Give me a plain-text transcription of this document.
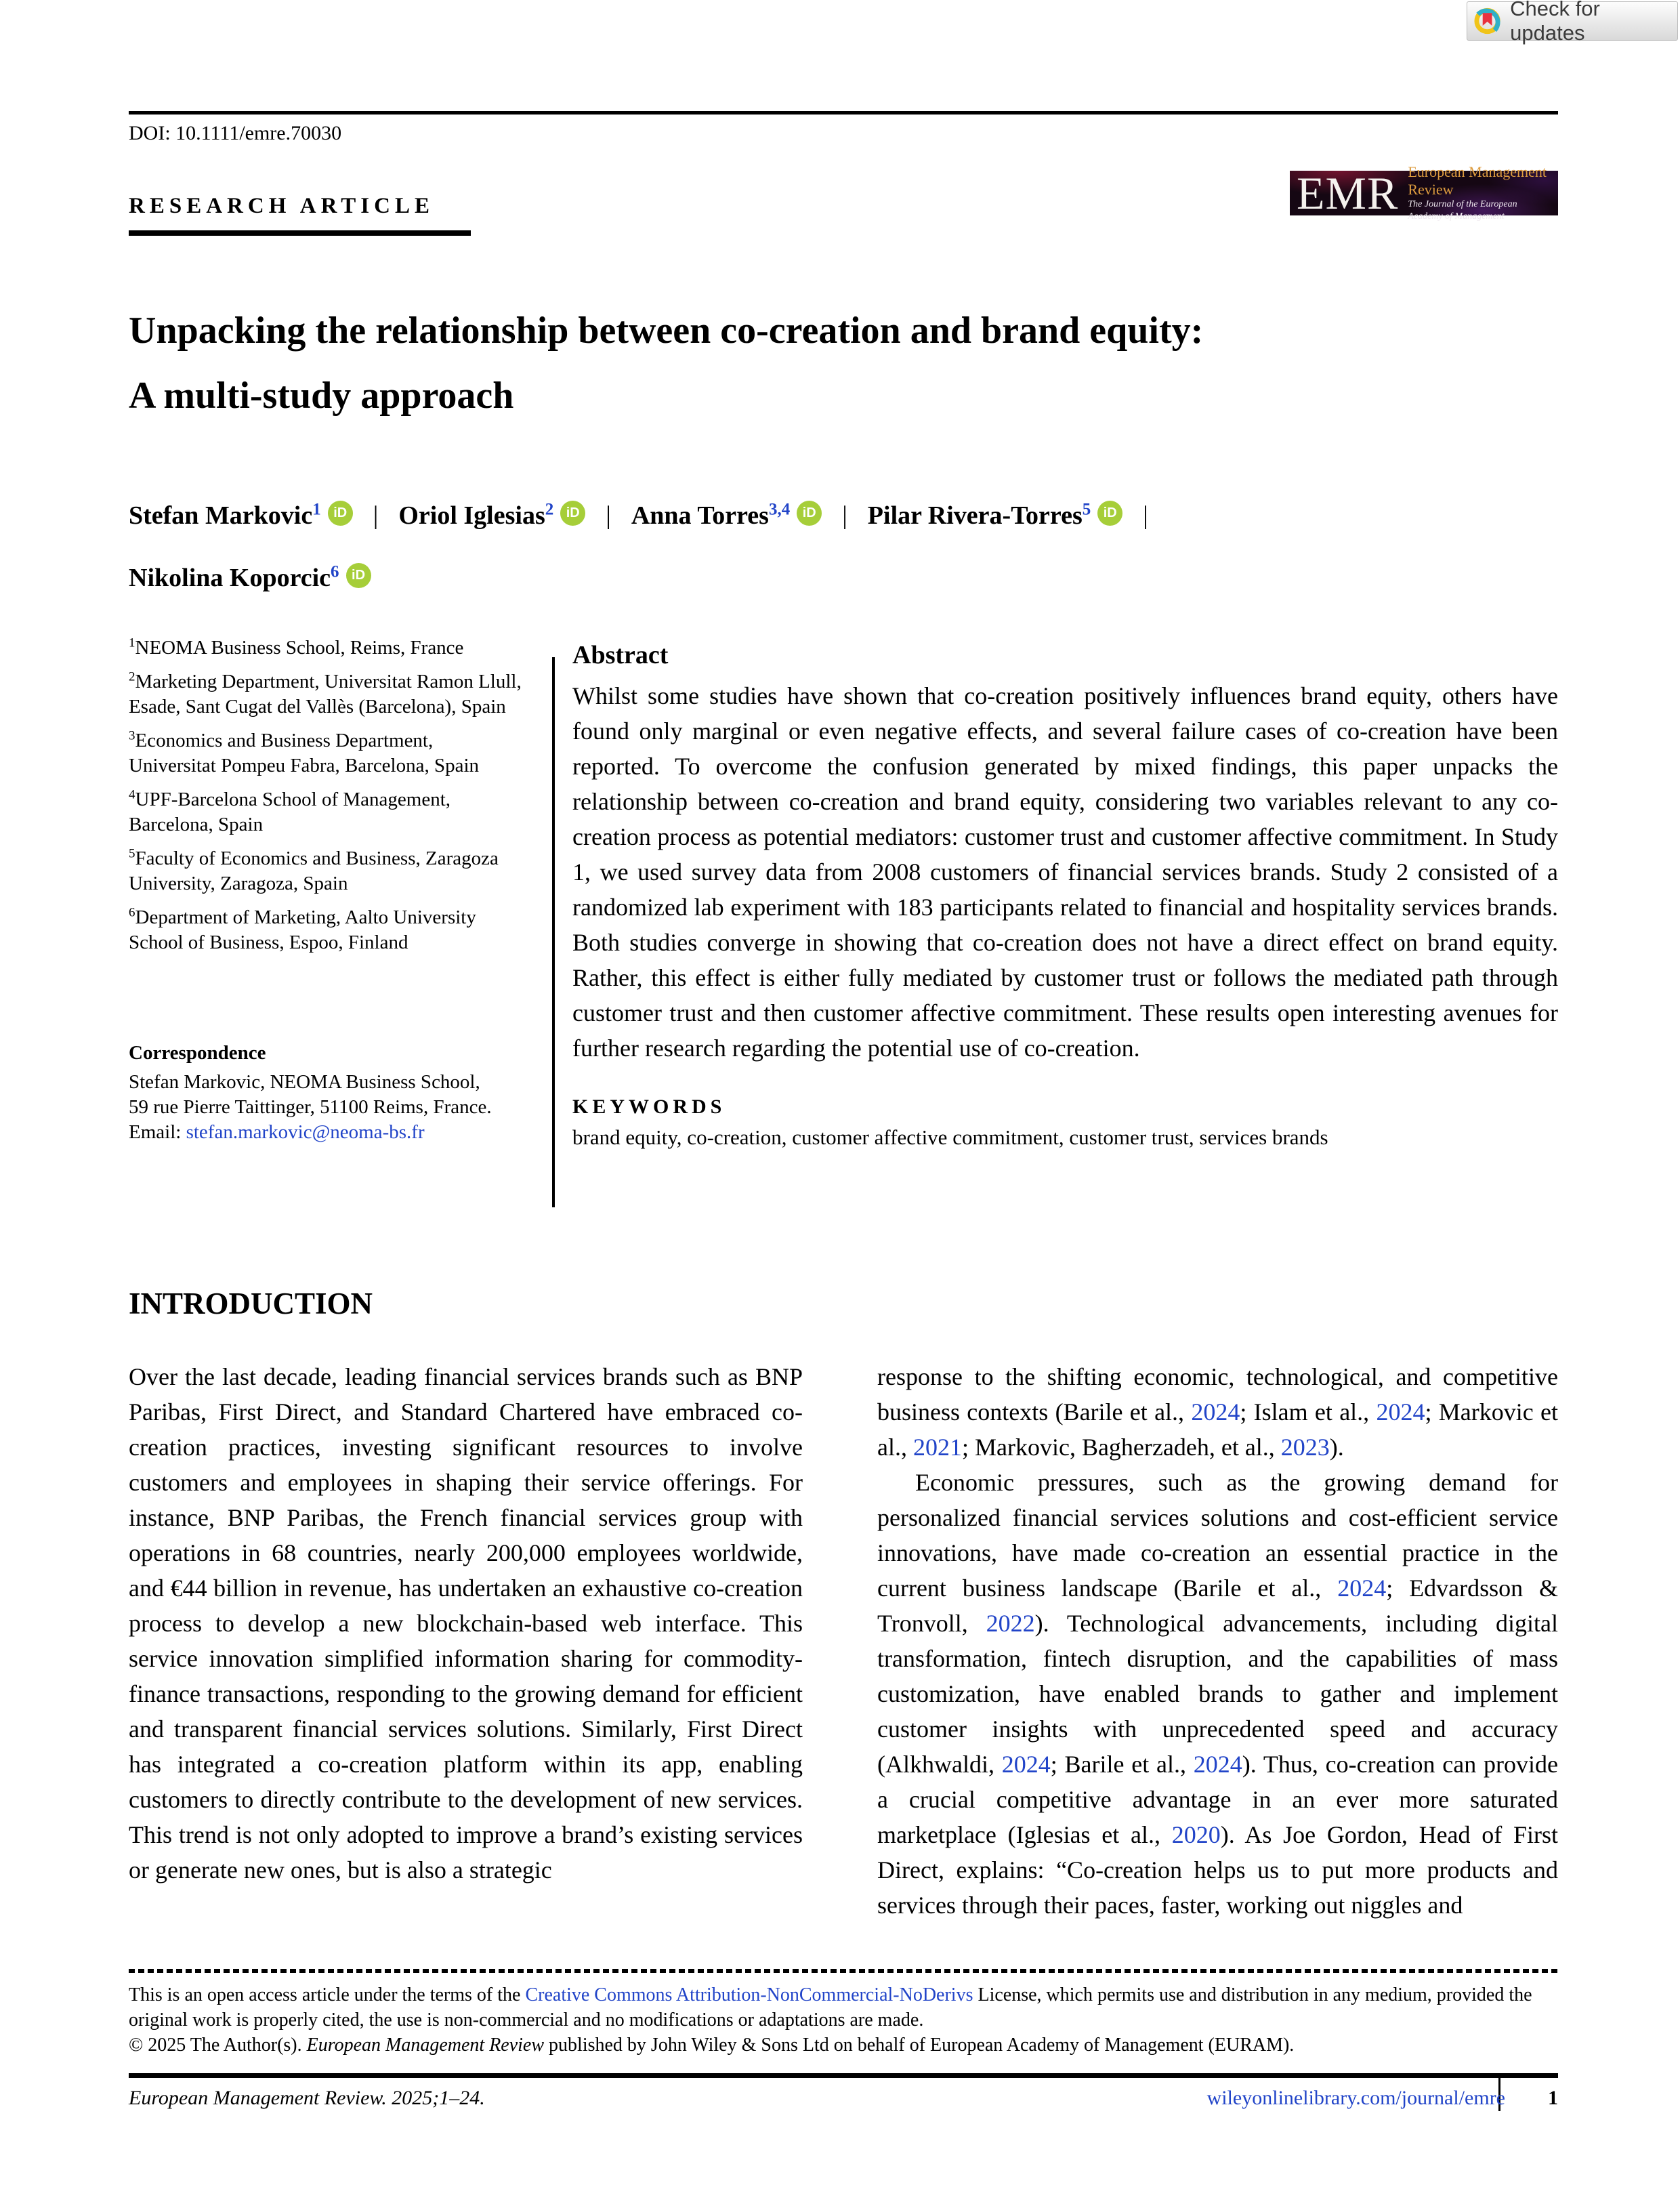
DOI: 10.1111/emre.70030
Check for updates
RESEARCH ARTICLE	EMR European Management Review
The Journal of the European Academy of Management
Unpacking the relationship between co-creation and brand equity:
A multi-study approach
Stefan Markovic$^1$ iD | Oriol Iglesias$^2$ iD | Anna Torres$^{3,4}$ iD | Pilar Rivera-Torres$^5$ iD |
Nikolina Koporcic$^6$ iD
$^1$NEOMA Business School, Reims, France
$^2$Marketing Department, Universitat Ramon Llull, Esade, Sant Cugat del Vallès (Barcelona), Spain
$^3$Economics and Business Department, Universitat Pompeu Fabra, Barcelona, Spain
$^4$UPF-Barcelona School of Management, Barcelona, Spain
$^5$Faculty of Economics and Business, Zaragoza University, Zaragoza, Spain
$^6$Department of Marketing, Aalto University School of Business, Espoo, Finland
Correspondence
Stefan Markovic, NEOMA Business School,
59 rue Pierre Taittinger, 51100 Reims, France.
Email: stefan.markovic@neoma-bs.fr

Abstract

Whilst some studies have shown that co-creation positively influences brand equity, others have found only marginal or even negative effects, and several failure cases of co-creation have been reported. To overcome the confusion generated by mixed findings, this paper unpacks the relationship between co-creation and brand equity, considering two variables relevant to any co-creation process as potential mediators: customer trust and customer affective commitment. In Study 1, we used survey data from 2008 customers of financial services brands. Study 2 consisted of a randomized lab experiment with 183 participants related to financial and hospitality services brands. Both studies converge in showing that co-creation does not have a direct effect on brand equity. Rather, this effect is either fully mediated by customer trust or follows the mediated path through customer trust and then customer affective commitment. These results open interesting avenues for further research regarding the potential use of co-creation.
KEYWORDS
brand equity, co-creation, customer affective commitment, customer trust, services brands
INTRODUCTION
Over the last decade, leading financial services brands such as BNP Paribas, First Direct, and Standard Chartered have embraced co-creation practices, investing significant resources to involve customers and employees in shaping their service offerings. For instance, BNP Paribas, the French financial services group with operations in 68 countries, nearly 200,000 employees worldwide, and €44 billion in revenue, has undertaken an exhaustive co-creation process to develop a new blockchain-based web interface. This service innovation simplified information sharing for commodity-finance transactions, responding to the growing demand for efficient and transparent financial services solutions. Similarly, First Direct has integrated a co-creation platform within its app, enabling customers to directly contribute to the development of new services. This trend is not only adopted to improve a brand’s existing services or generate new ones, but is also a strategic
response to the shifting economic, technological, and competitive business contexts (Barile et al., 2024; Islam et al., 2024; Markovic et al., 2021; Markovic, Bagherzadeh, et al., 2023).
Economic pressures, such as the growing demand for personalized financial services solutions and cost-efficient service innovations, have made co-creation an essential practice in the current business landscape (Barile et al., 2024; Edvardsson & Tronvoll, 2022). Technological advancements, including digital transformation, fintech disruption, and the capabilities of mass customization, have enabled brands to gather and implement customer insights with unprecedented speed and accuracy (Alkhwaldi, 2024; Barile et al., 2024). Thus, co-creation can provide a crucial competitive advantage in an ever more saturated marketplace (Iglesias et al., 2020). As Joe Gordon, Head of First Direct, explains: “Co-creation helps us to put more products and services through their paces, faster, working out niggles and

This is an open access article under the terms of the Creative Commons Attribution-NonCommercial-NoDerivs License, which permits use and distribution in any medium, provided the original work is properly cited, the use is non-commercial and no modifications or adaptations are made.

© 2025 The Author(s). European Management Review published by John Wiley & Sons Ltd on behalf of European Academy of Management (EURAM).

European Management Review. 2025;1–24.	wileyonlinelibrary.com/journal/emre	1
